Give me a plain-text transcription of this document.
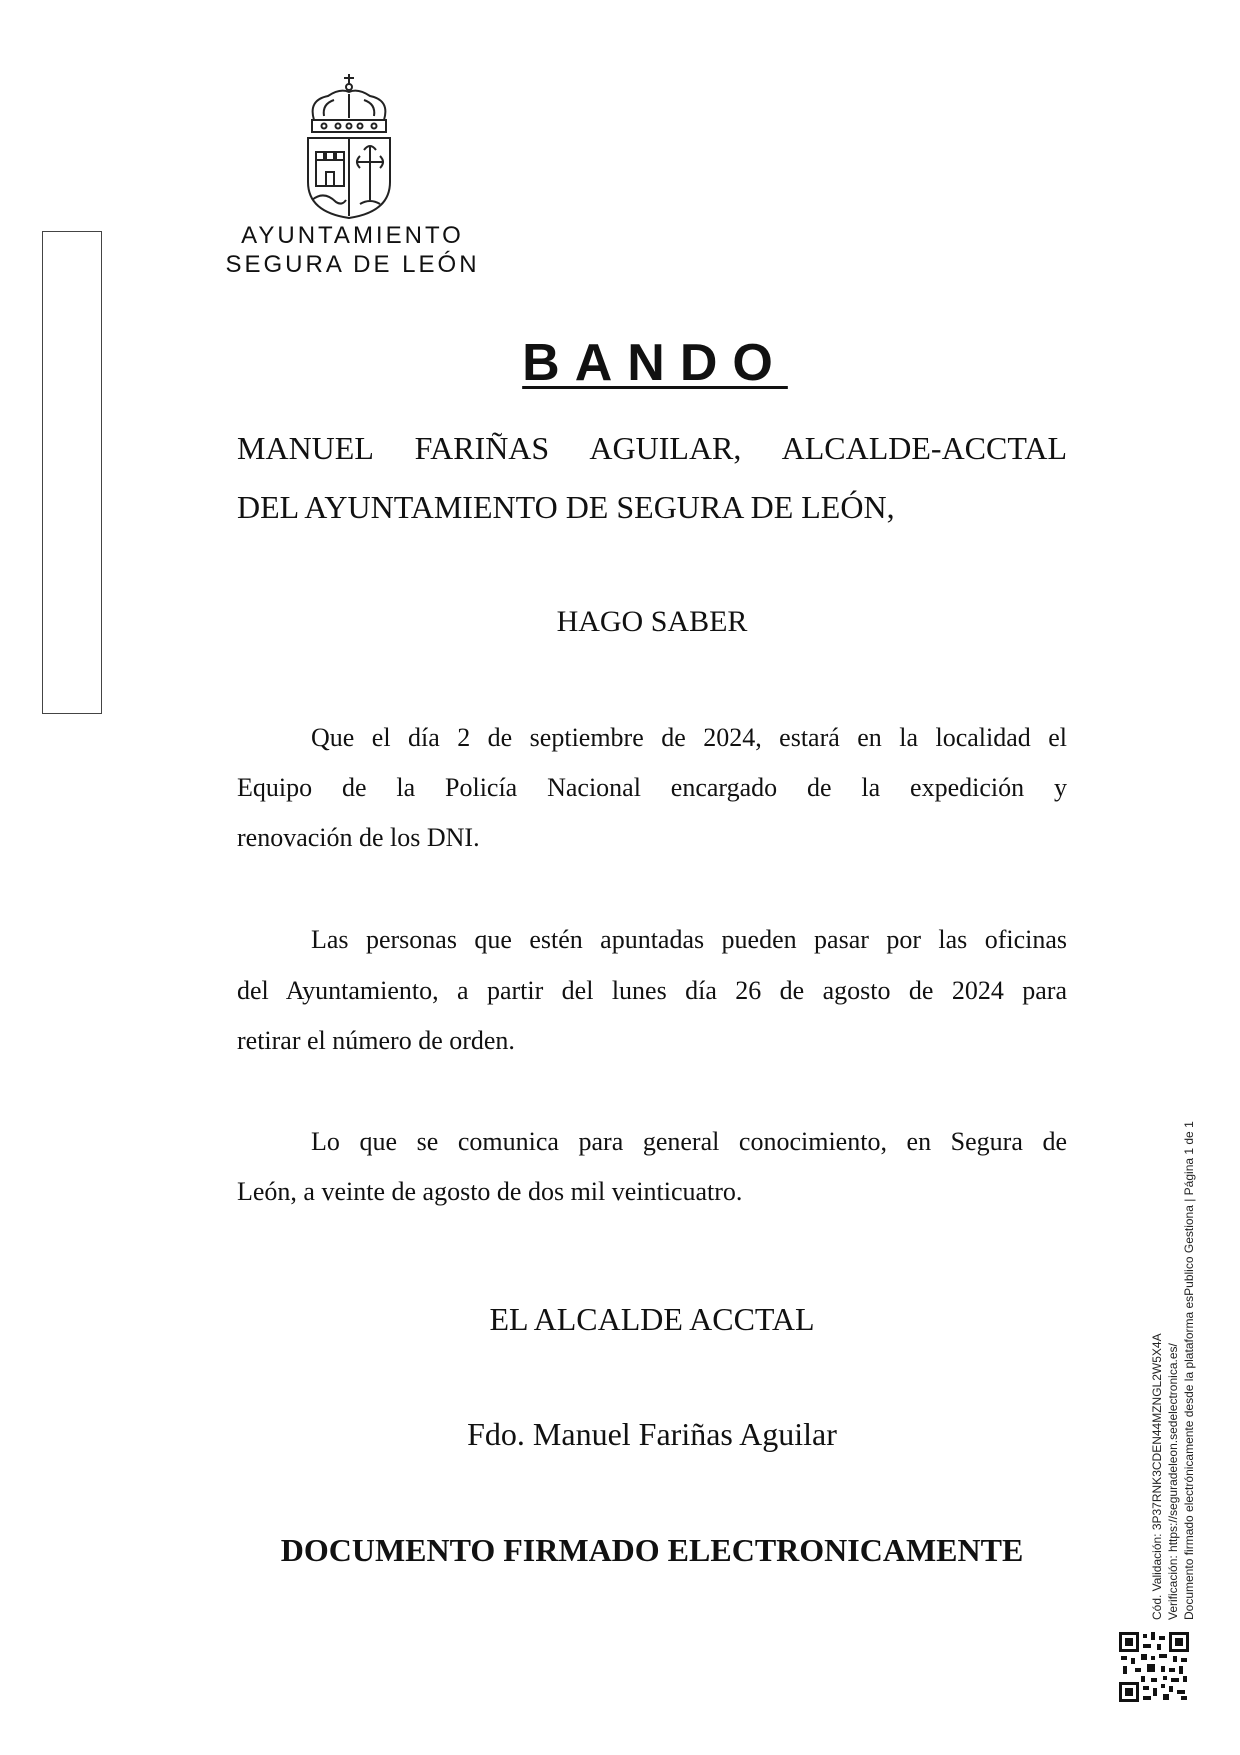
AYUNTAMIENTO
SEGURA DE LEÓN
BANDO
MANUEL FARIÑAS AGUILAR, ALCALDE-ACCTAL
DEL AYUNTAMIENTO DE SEGURA DE LEÓN,
HAGO SABER
Que el día 2 de septiembre de 2024, estará en la localidad el
Equipo de la Policía Nacional encargado de la expedición y
renovación de los DNI.
Las personas que estén apuntadas pueden pasar por las oficinas
del Ayuntamiento, a partir del lunes día 26 de agosto de 2024 para
retirar el número de orden.
Lo que se comunica para general conocimiento, en Segura de
León, a veinte de agosto de dos mil veinticuatro.
EL ALCALDE ACCTAL
Fdo. Manuel Fariñas Aguilar
DOCUMENTO FIRMADO ELECTRONICAMENTE	Cód. Validación: 3P37RNK3CDEN44MZNGL2W5X4A Verificación: https://seguradeleon.sedelectronica.es/ Documento firmado electrónicamente desde la plataforma esPublico Gestiona | Página 1 de 1
